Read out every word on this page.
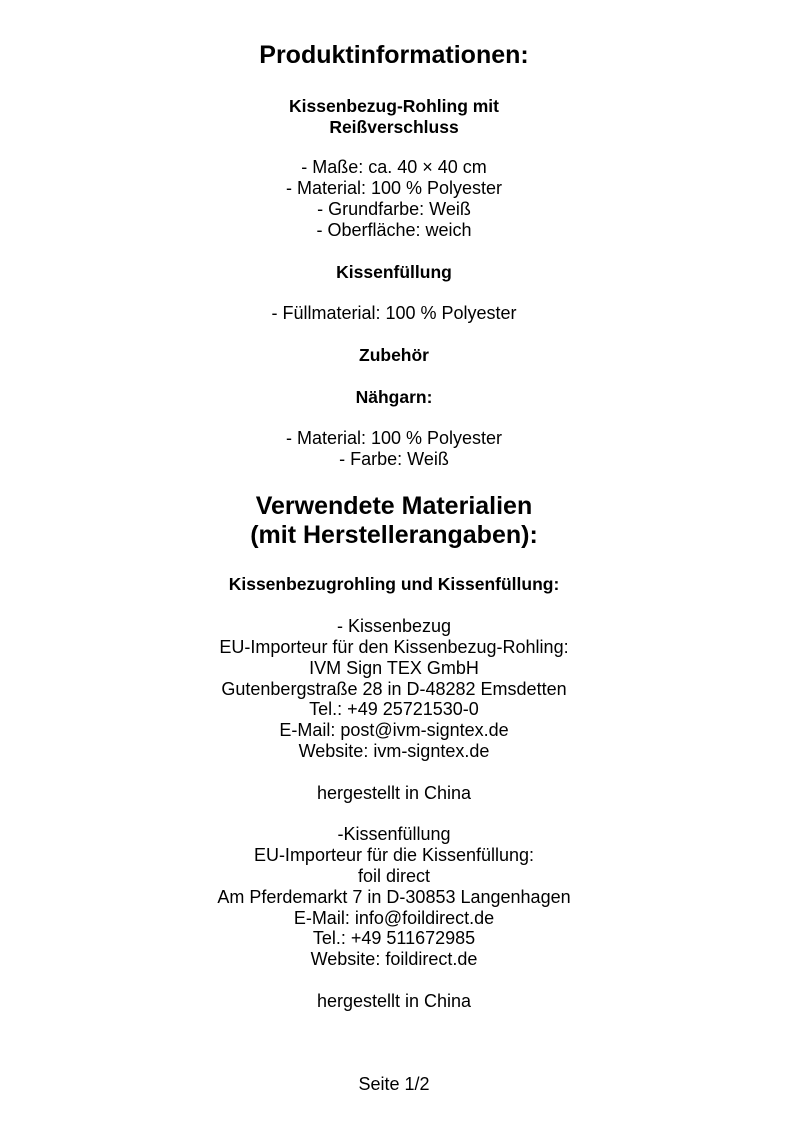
Produktinformationen:
Kissenbezug-Rohling mit
Reißverschluss
- Maße: ca. 40 × 40 cm
- Material: 100 % Polyester
- Grundfarbe: Weiß
- Oberfläche: weich
Kissenfüllung
- Füllmaterial: 100 % Polyester
Zubehör
Nähgarn:
- Material: 100 % Polyester
- Farbe: Weiß
Verwendete Materialien
(mit Herstellerangaben):
Kissenbezugrohling und Kissenfüllung:
- Kissenbezug
EU-Importeur für den Kissenbezug-Rohling:
IVM Sign TEX GmbH
Gutenbergstraße 28 in D-48282 Emsdetten
Tel.: +49 25721530-0
E-Mail: post@ivm-signtex.de
Website: ivm-signtex.de
hergestellt in China
-Kissenfüllung
EU-Importeur für die Kissenfüllung:
foil direct
Am Pferdemarkt 7 in D-30853 Langenhagen
E-Mail: info@foildirect.de
Tel.: +49 511672985
Website: foildirect.de
hergestellt in China
Seite 1/2
